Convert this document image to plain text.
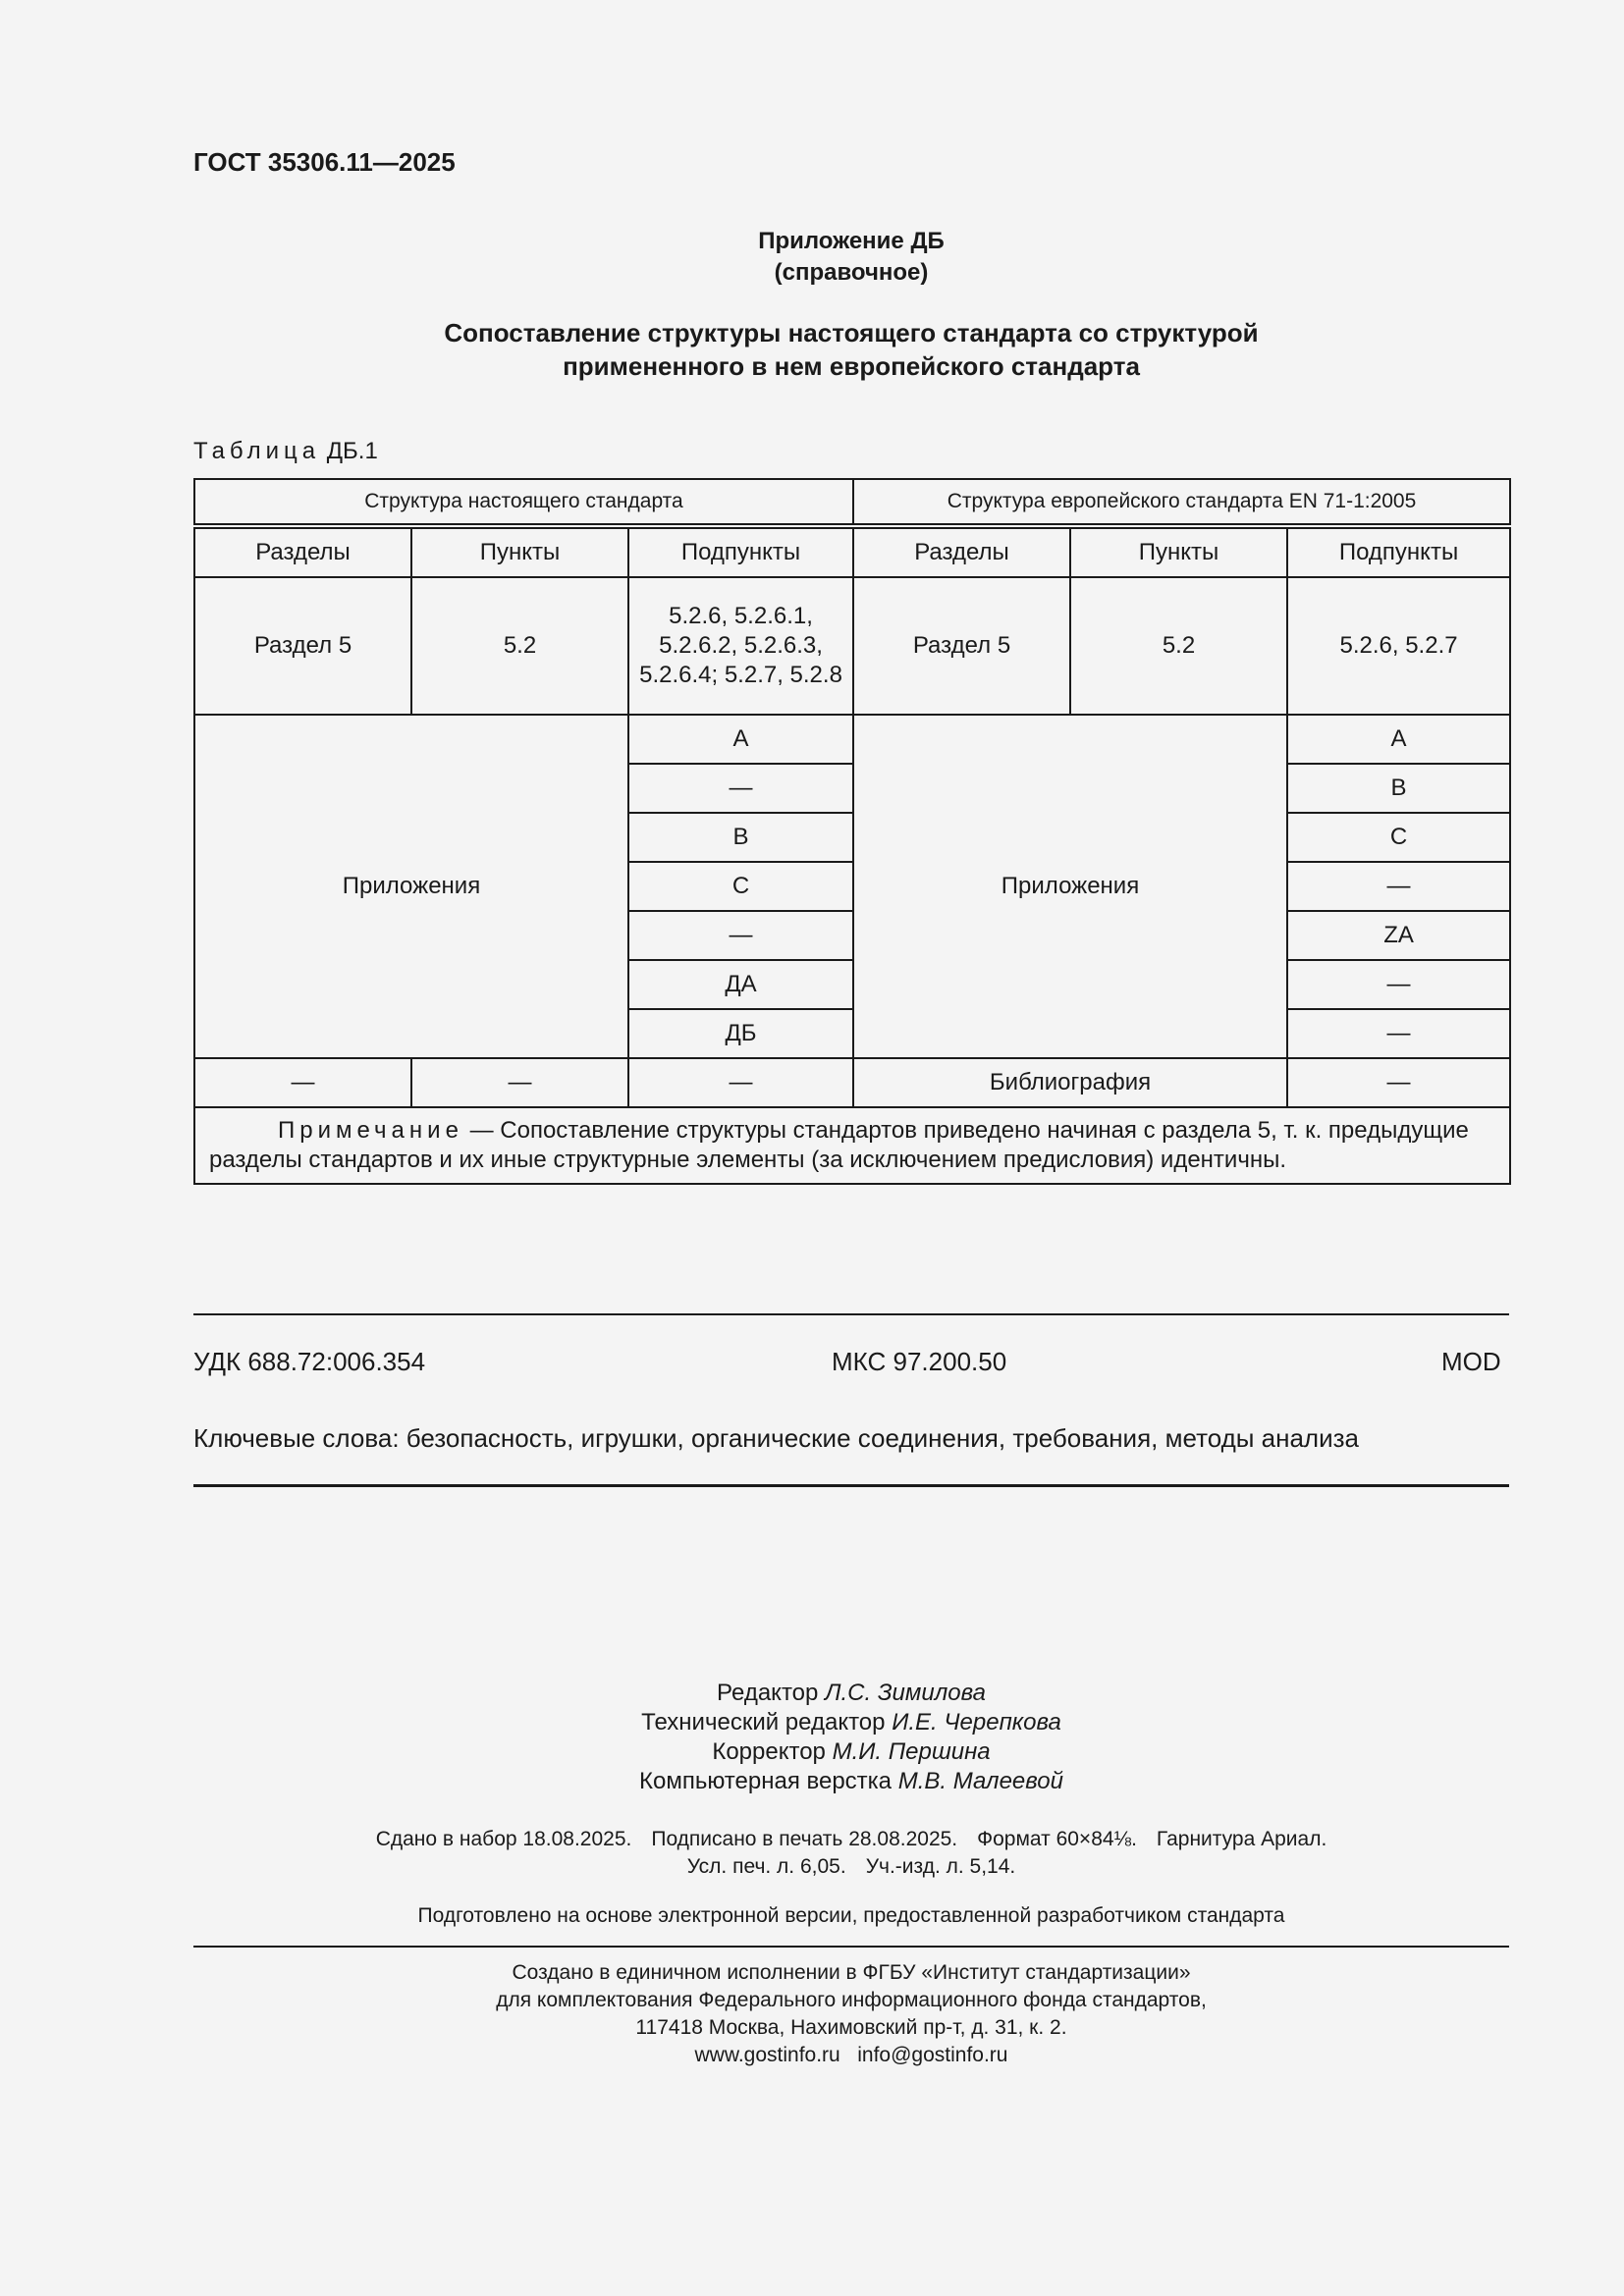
ГОСТ 35306.11—2025
Приложение ДБ
(справочное)
Сопоставление структуры настоящего стандарта со структурой
примененного в нем европейского стандарта
Таблица ДБ.1
Структура настоящего стандарта			Структура европейского стандарта EN 71-1:2005		
Разделы	Пункты	Подпункты	Разделы	Пункты	Подпункты
Раздел 5	5.2	5.2.6, 5.2.6.1, 5.2.6.2, 5.2.6.3, 5.2.6.4; 5.2.7, 5.2.8	Раздел 5	5.2	5.2.6, 5.2.7
Приложения		A	Приложения		A
		—			B
		B			C
		C			—
		—			ZA
		ДА			—
		ДБ			—
—	—	—	Библиография		—
Примечание — Сопоставление структуры стандартов приведено начиная с раздела 5, т. к. предыдущие разделы стандартов и их иные структурные элементы (за исключением предисловия) идентичны.					
УДК 688.72:006.354	МКС 97.200.50	MOD
Ключевые слова: безопасность, игрушки, органические соединения, требования, методы анализа
Редактор Л.С. Зимилова
Технический редактор И.Е. Черепкова
Корректор М.И. Першина
Компьютерная верстка М.В. Малеевой
Сдано в набор 18.08.2025. Подписано в печать 28.08.2025. Формат 60×84⅛. Гарнитура Ариал.
Усл. печ. л. 6,05. Уч.-изд. л. 5,14.
Подготовлено на основе электронной версии, предоставленной разработчиком стандарта
Создано в единичном исполнении в ФГБУ «Институт стандартизации»
для комплектования Федерального информационного фонда стандартов,
117418 Москва, Нахимовский пр-т, д. 31, к. 2.
www.gostinfo.ru info@gostinfo.ru
